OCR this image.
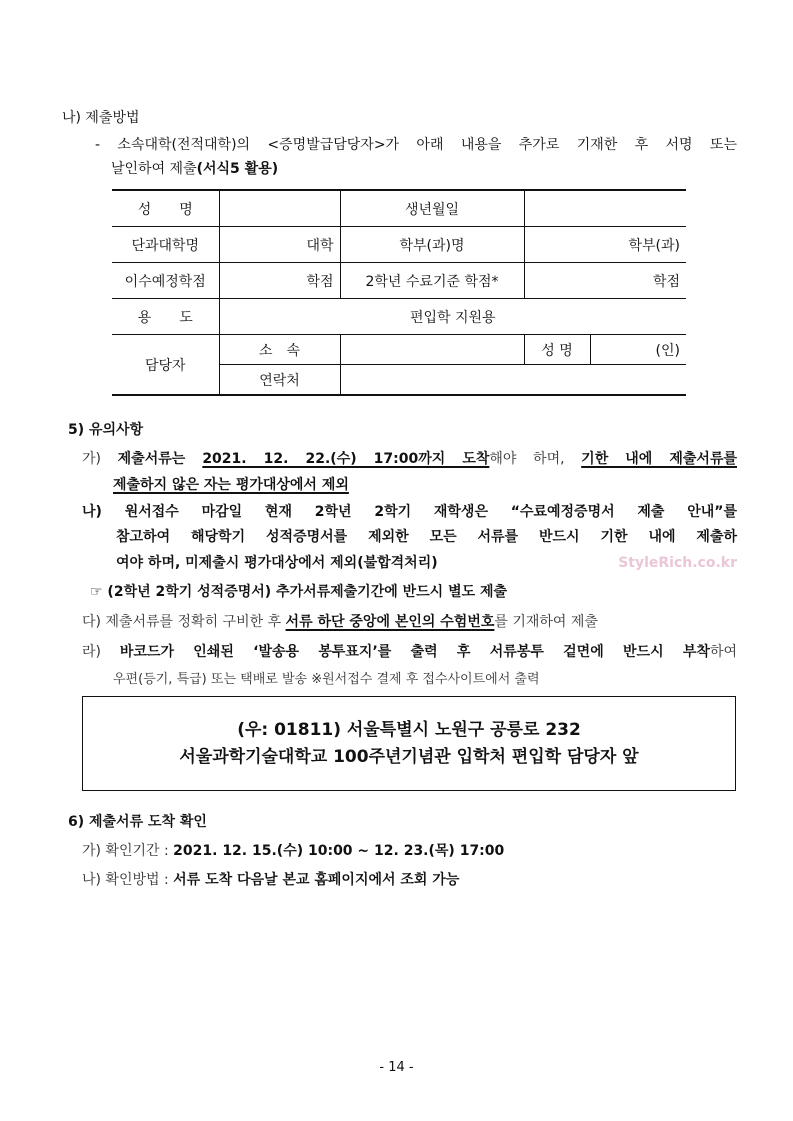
나) 제출방법
- 소속대학(전적대학)의 <증명발급담당자>가 아래 내용을 추가로 기재한 후 서명 또는
날인하여 제출(서식5 활용)
성　　명		생년월일		
단과대학명	대학	학부(과)명	학부(과)	
이수예정학점	학점	2학년 수료기준 학점*	학점	
용　　도	편입학 지원용			
담당자	소　속		성 명	(인)
	연락처			
5) 유의사항
가) 제출서류는 2021. 12. 22.(수) 17:00까지 도착해야 하며, 기한 내에 제출서류를
제출하지 않은 자는 평가대상에서 제외
나) 원서접수 마감일 현재 2학년 2학기 재학생은 “수료예정증명서 제출 안내”를
참고하여 해당학기 성적증명서를 제외한 모든 서류를 반드시 기한 내에 제출하
여야 하며, 미제출시 평가대상에서 제외(불합격처리)	StyleRich.co.kr
☞ (2학년 2학기 성적증명서) 추가서류제출기간에 반드시 별도 제출
다) 제출서류를 정확히 구비한 후 서류 하단 중앙에 본인의 수험번호를 기재하여 제출
라) 바코드가 인쇄된 ‘발송용 봉투표지’를 출력 후 서류봉투 겉면에 반드시 부착하여
우편(등기, 특급) 또는 택배로 발송 ※원서접수 결제 후 접수사이트에서 출력
(우: 01811) 서울특별시 노원구 공릉로 232
서울과학기술대학교 100주년기념관 입학처 편입학 담당자 앞
6) 제출서류 도착 확인
가) 확인기간 : 2021. 12. 15.(수) 10:00 ~ 12. 23.(목) 17:00
나) 확인방법 : 서류 도착 다음날 본교 홈페이지에서 조회 가능
- 14 -
